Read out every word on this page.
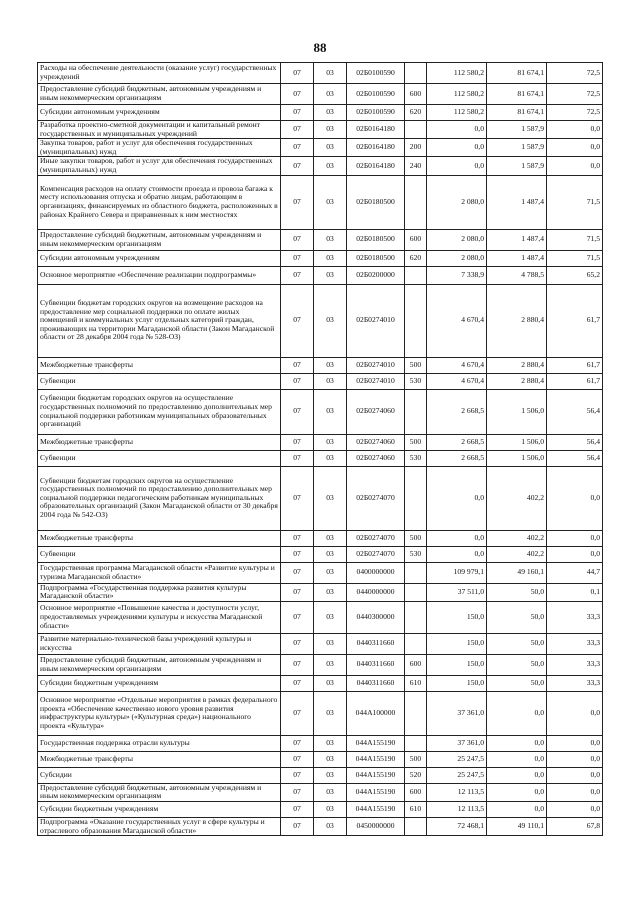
88
Расходы на обеспечение деятельности (оказание услуг) государственных учреждений	07	03	02Б0100590		112 580,2	81 674,1	72,5
Предоставление субсидий бюджетным, автономным учреждениям и иным некоммерческим организациям	07	03	02Б0100590	600	112 580,2	81 674,1	72,5
Субсидии автономным учреждениям	07	03	02Б0100590	620	112 580,2	81 674,1	72,5
Разработка проектно-сметной документации и капитальный ремонт государственных и муниципальных учреждений	07	03	02Б0164180		0,0	1 587,9	0,0
Закупка товаров, работ и услуг для обеспечения государственных (муниципальных) нужд	07	03	02Б0164180	200	0,0	1 587,9	0,0
Иные закупки товаров, работ и услуг для обеспечения государственных (муниципальных) нужд	07	03	02Б0164180	240	0,0	1 587,9	0,0
Компенсация расходов на оплату стоимости проезда и провоза багажа к месту использования отпуска и обратно лицам, работающим в организациях, финансируемых из областного бюджета, расположенных в районах Крайнего Севера и приравненных к ним местностях	07	03	02Б0180500		2 080,0	1 487,4	71,5
Предоставление субсидий бюджетным, автономным учреждениям и иным некоммерческим организациям	07	03	02Б0180500	600	2 080,0	1 487,4	71,5
Субсидии автономным учреждениям	07	03	02Б0180500	620	2 080,0	1 487,4	71,5
Основное мероприятие «Обеспечение реализации подпрограммы»	07	03	02Б0200000		7 338,9	4 788,5	65,2
Субвенции бюджетам городских округов на возмещение расходов на предоставление мер социальной поддержки по оплате жилых помещений и коммунальных услуг отдельных категорий граждан, проживающих на территории Магаданской области (Закон Магаданской области от 28 декабря 2004 года № 528-ОЗ)	07	03	02Б0274010		4 670,4	2 880,4	61,7
Межбюджетные трансферты	07	03	02Б0274010	500	4 670,4	2 880,4	61,7
Субвенции	07	03	02Б0274010	530	4 670,4	2 880,4	61,7
Субвенции бюджетам городских округов на осуществление государственных полномочий по предоставлению дополнительных мер социальной поддержки работникам муниципальных образовательных организаций	07	03	02Б0274060		2 668,5	1 506,0	56,4
Межбюджетные трансферты	07	03	02Б0274060	500	2 668,5	1 506,0	56,4
Субвенции	07	03	02Б0274060	530	2 668,5	1 506,0	56,4
Субвенции бюджетам городских округов на осуществление государственных полномочий по предоставлению дополнительных мер социальной поддержки педагогическим работникам муниципальных образовательных организаций (Закон Магаданской области от 30 декабря 2004 года № 542-ОЗ)	07	03	02Б0274070		0,0	402,2	0,0
Межбюджетные трансферты	07	03	02Б0274070	500	0,0	402,2	0,0
Субвенции	07	03	02Б0274070	530	0,0	402,2	0,0
Государственная программа Магаданской области «Развитие культуры и туризма Магаданской области»	07	03	0400000000		109 979,1	49 160,1	44,7
Подпрограмма «Государственная поддержка развития культуры Магаданской области»	07	03	0440000000		37 511,0	50,0	0,1
Основное мероприятие «Повышение качества и доступности услуг, предоставляемых учреждениями культуры и искусства Магаданской области»	07	03	0440300000		150,0	50,0	33,3
Развитие материально-технической базы учреждений культуры и искусства	07	03	0440311660		150,0	50,0	33,3
Предоставление субсидий бюджетным, автономным учреждениям и иным некоммерческим организациям	07	03	0440311660	600	150,0	50,0	33,3
Субсидии бюджетным учреждениям	07	03	0440311660	610	150,0	50,0	33,3
Основное мероприятие «Отдельные мероприятия в рамках федерального проекта «Обеспечение качественно нового уровня развития инфраструктуры культуры» («Культурная среда») национального проекта «Культура»	07	03	044A100000		37 361,0	0,0	0,0
Государственная поддержка отрасли культуры	07	03	044A155190		37 361,0	0,0	0,0
Межбюджетные трансферты	07	03	044A155190	500	25 247,5	0,0	0,0
Субсидии	07	03	044A155190	520	25 247,5	0,0	0,0
Предоставление субсидий бюджетным, автономным учреждениям и иным некоммерческим организациям	07	03	044A155190	600	12 113,5	0,0	0,0
Субсидии бюджетным учреждениям	07	03	044A155190	610	12 113,5	0,0	0,0
Подпрограмма «Оказание государственных услуг в сфере культуры и отраслевого образования Магаданской области»	07	03	0450000000		72 468,1	49 110,1	67,8
